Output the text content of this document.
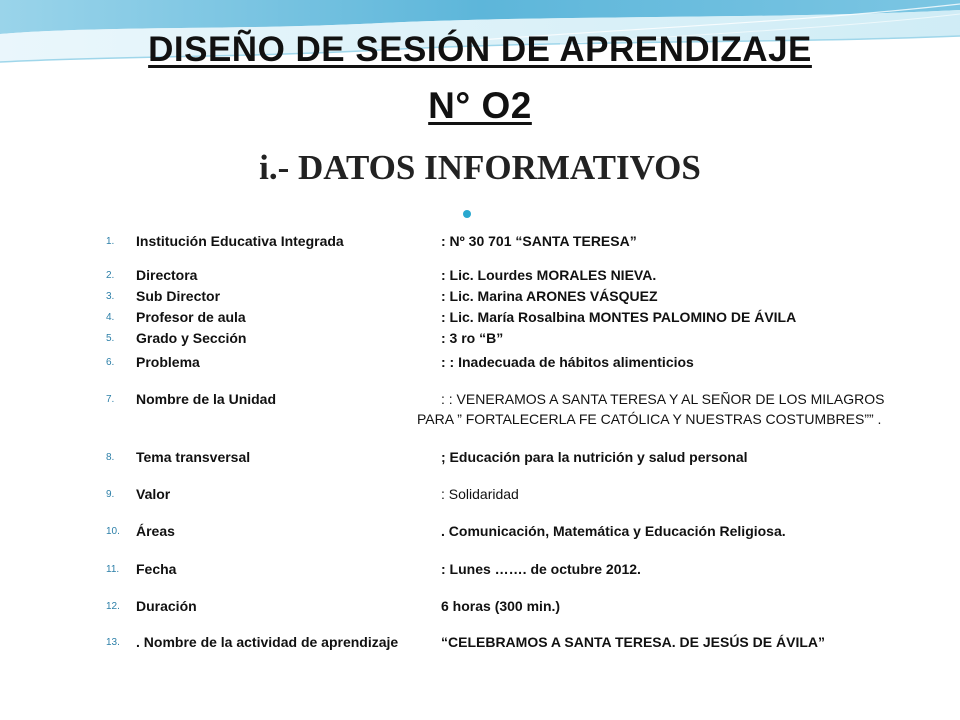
DISEÑO DE SESIÓN DE APRENDIZAJE
N° O2
i.- DATOS INFORMATIVOS
1. Institución Educativa Integrada	: Nº 30 701 “SANTA TERESA”
2. Directora	: Lic. Lourdes MORALES NIEVA.
3. Sub Director	: Lic. Marina ARONES VÁSQUEZ
4. Profesor de aula	: Lic. María Rosalbina MONTES PALOMINO DE ÁVILA
5. Grado y Sección	: 3 ro “B”
6. Problema	: : Inadecuada de hábitos alimenticios
7. Nombre de la Unidad	: : VENERAMOS A SANTA TERESA Y AL SEÑOR DE LOS MILAGROS
PARA ” FORTALECERLA FE CATÓLICA Y NUESTRAS COSTUMBRES”” .
8. Tema transversal	; Educación para la nutrición y salud personal
9. Valor	: Solidaridad
10. Áreas	. Comunicación, Matemática y Educación Religiosa.
11. Fecha	: Lunes ……. de octubre 2012.
12. Duración	6 horas (300 min.)
13. . Nombre de la actividad de aprendizaje	“CELEBRAMOS A SANTA TERESA. DE JESÚS DE ÁVILA”
